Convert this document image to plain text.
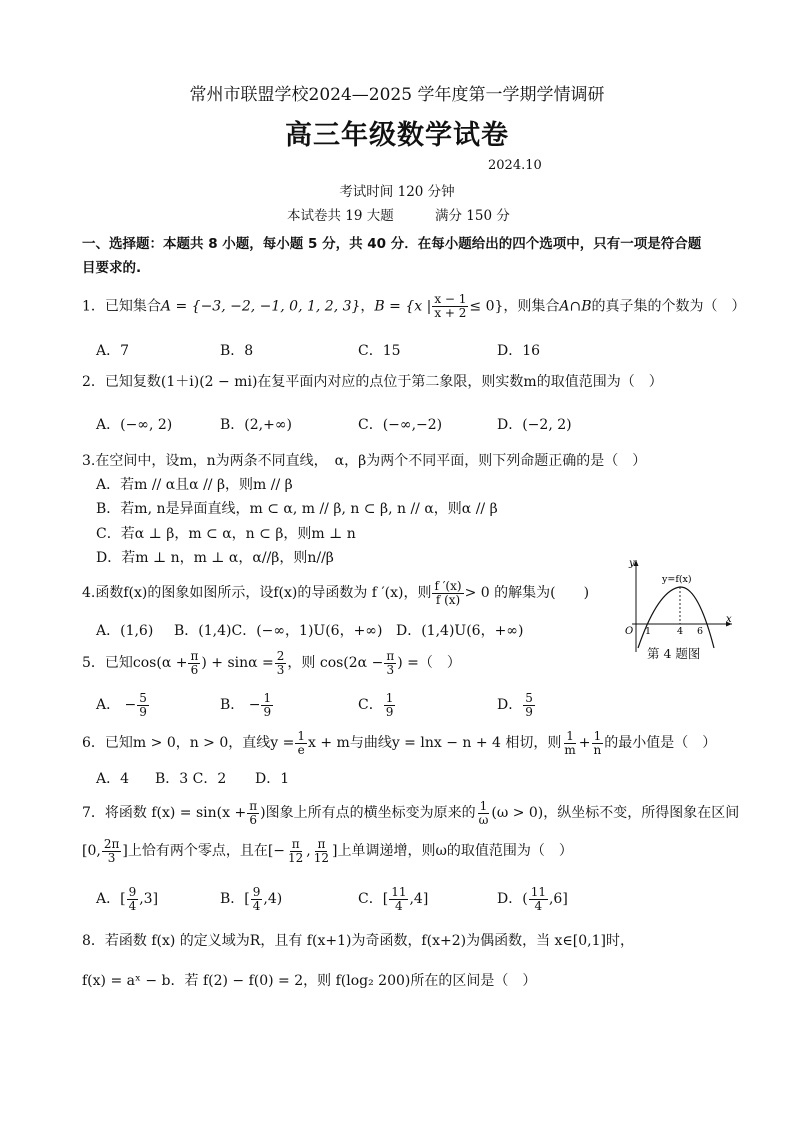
常州市联盟学校2024—2025 学年度第一学期学情调研
高三年级数学试卷
2024.10
考试时间 120 分钟
本试卷共 19 大题	满分 150 分
一、选择题：本题共 8 小题，每小题 5 分，共 40 分．在每小题给出的四个选项中，只有一项是符合题
目要求的.
1．已知集合A = {−3, −2, −1, 0, 1, 2, 3}，B = {x | $\frac{x - 1}{x + 2} \le 0$}，则集合A∩B的真子集的个数为（　）
A．7	B．8	C．15	D．16
2．已知复数(1＋i)(2 − mi)在复平面内对应的点位于第二象限，则实数m的取值范围为（　）
A．(−∞, 2)	B．(2,+∞)	C．(−∞,−2)	D．(−2, 2)
3.在空间中，设m，n为两条不同直线，　α，β为两个不同平面，则下列命题正确的是（　）
A．若m // α且α // β，则m // β
B．若m, n是异面直线，m ⊂ α, m // β, n ⊂ β, n // α，则α // β
C．若α ⊥ β，m ⊂ α，n ⊂ β，则m ⊥ n
D．若m ⊥ n，m ⊥ α，α//β，则n//β
4.函数f(x)的图象如图所示，设f(x)的导函数为 f ′(x)，则 $\frac{f '(x)}{f (x)} > 0$ 的解集为(　　)
A．(1,6) B．(1,4)C．(−∞，1)U(6，+∞) D．(1,4)U(6，+∞)
y
x
O
y=f(x)
1	4 6
第 4 题图
5．已知$\cos(\alpha + \frac{\pi}{6}$ ) + $\sin\alpha = \frac{2}{3}$ ，则 $\cos(2\alpha - \frac{\pi}{3}$ ) =（　）
A． − $\frac{5}{9}$	B． − $\frac{1}{9}$	C． $\frac{1}{9}$	D． $\frac{5}{9}$
6．已知m > 0，n > 0，直线$y = \frac{1}{e}$ x + m与曲线y = lnx − n + 4 相切，则 $\frac{1}{m} + \frac{1}{n}$ 的最小值是（　）
A．4 B．3 C．2 D．1
7．将函数 $f(x) = \sin(x + \frac{\pi}{6}$ )图象上所有点的横坐标变为原来的 $\frac{1}{\omega} (\omega > 0)$，纵坐标不变，所得图象在区间
[0, $\frac{2\pi}{3}$ ]上恰有两个零点，且在[− $\frac{\pi}{12}$ , $\frac{\pi}{12}$ ]上单调递增，则ω的取值范围为（　）
A．[ $\frac{9}{4} ,3$]	B．[ $\frac{9}{4} ,4$)	C．[ $\frac{11}{4} ,4$]	D．( $\frac{11}{4} ,6$]
8．若函数 f(x) 的定义域为R，且有 f(x+1)为奇函数，f(x+2)为偶函数，当 x∈[0,1]时，
f(x) = aˣ − b．若 f(2) − f(0) = 2，则 f(log₂ 200)所在的区间是（　）
